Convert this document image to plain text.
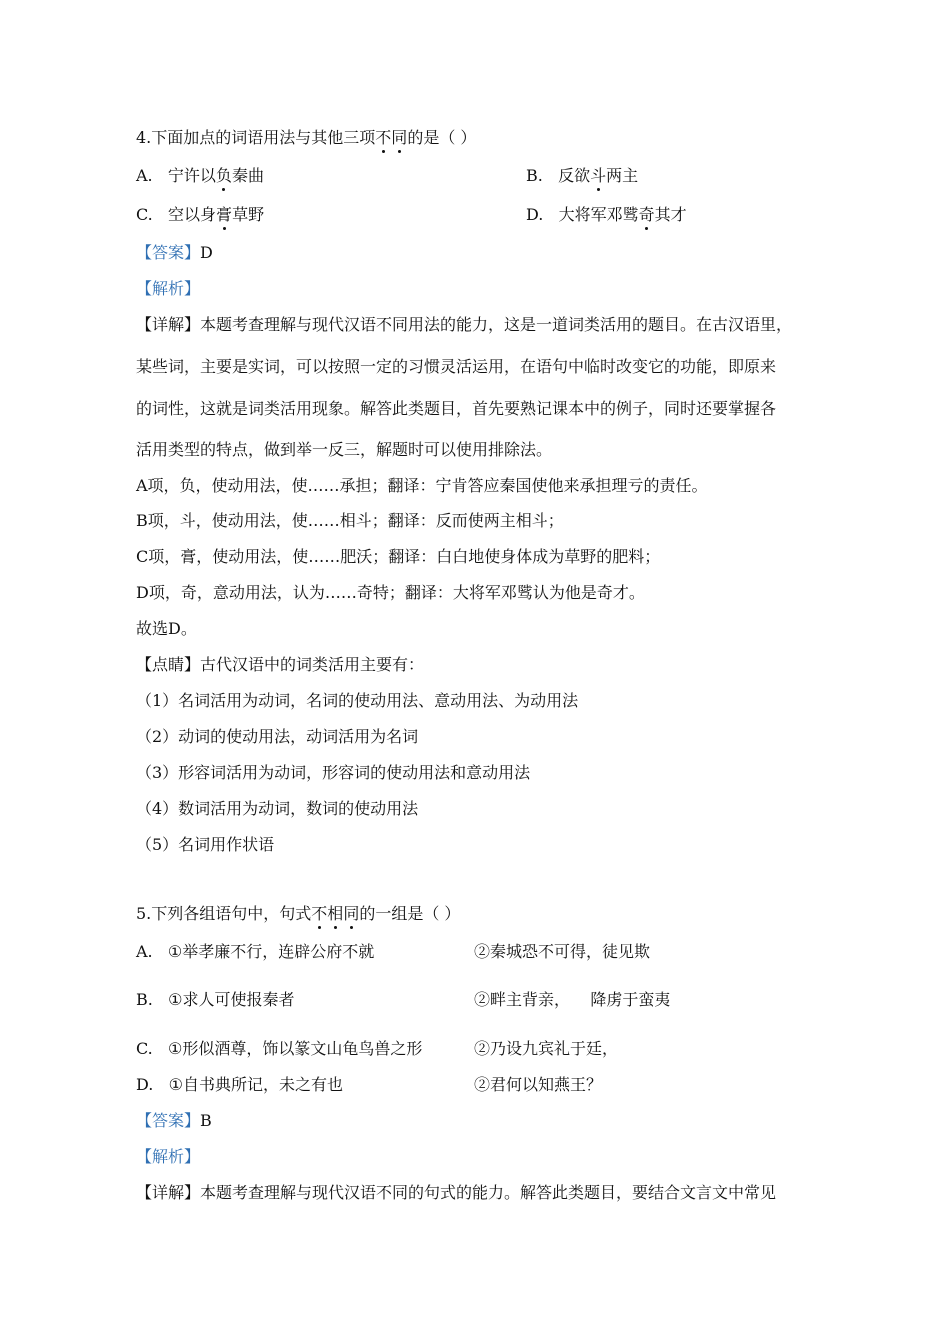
4.下面加点的词语用法与其他三项不同的是（ ）
A. 宁许以负秦曲	B. 反欲斗两主
C. 空以身膏草野	D. 大将军邓骘奇其才
【答案】D
【解析】
【详解】本题考查理解与现代汉语不同用法的能力，这是一道词类活用的题目。在古汉语里，
某些词，主要是实词，可以按照一定的习惯灵活运用，在语句中临时改变它的功能，即原来
的词性，这就是词类活用现象。解答此类题目，首先要熟记课本中的例子，同时还要掌握各
活用类型的特点，做到举一反三，解题时可以使用排除法。
A项，负，使动用法，使……承担；翻译：宁肯答应秦国使他来承担理亏的责任。
B项，斗，使动用法，使……相斗；翻译：反而使两主相斗；
C项，膏，使动用法，使……肥沃；翻译：白白地使身体成为草野的肥料；
D项，奇，意动用法，认为……奇特；翻译：大将军邓骘认为他是奇才。
故选D。
【点睛】古代汉语中的词类活用主要有：
（1）名词活用为动词，名词的使动用法、意动用法、为动用法
（2）动词的使动用法，动词活用为名词
（3）形容词活用为动词，形容词的使动用法和意动用法
（4）数词活用为动词，数词的使动用法
（5）名词用作状语
5.下列各组语句中，句式不相同的一组是（ ）
A. ①举孝廉不行，连辟公府不就	②秦城恐不可得，徒见欺
B. ①求人可使报秦者	②畔主背亲，    降虏于蛮夷
C. ①形似酒尊，饰以篆文山龟鸟兽之形	②乃设九宾礼于廷，
D. ①自书典所记，未之有也	②君何以知燕王？
【答案】B
【解析】
【详解】本题考查理解与现代汉语不同的句式的能力。解答此类题目，要结合文言文中常见
